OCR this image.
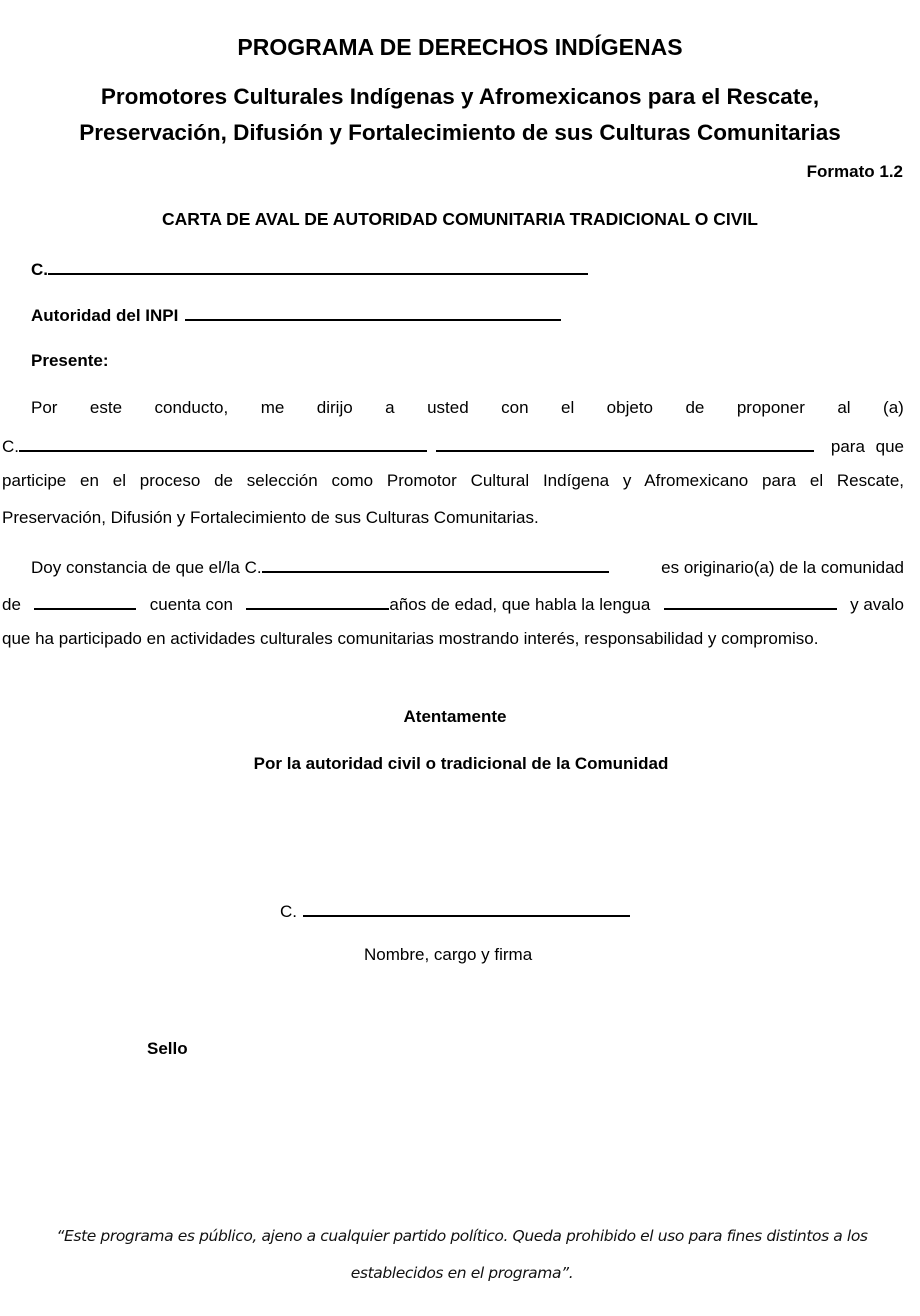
PROGRAMA DE DERECHOS INDÍGENAS
Promotores Culturales Indígenas y Afromexicanos para el Rescate,
Preservación, Difusión y Fortalecimiento de sus Culturas Comunitarias
Formato 1.2
CARTA DE AVAL DE AUTORIDAD COMUNITARIA TRADICIONAL O CIVIL
C.
Autoridad del INPI
Presente:
Por este conducto, me dirijo a usted con el objeto de proponer al (a)
C.	para que
participe en el proceso de selección como Promotor Cultural Indígena y Afromexicano para el Rescate,
Preservación, Difusión y Fortalecimiento de sus Culturas Comunitarias.
Doy constancia de que el/la C.	es originario(a) de la comunidad
de	cuenta con	años de edad, que habla la lengua	y avalo
que ha participado en actividades culturales comunitarias mostrando interés, responsabilidad y compromiso.
Atentamente
Por la autoridad civil o tradicional de la Comunidad
C.
Nombre, cargo y firma
Sello
“Este programa es público, ajeno a cualquier partido político. Queda prohibido el uso para fines distintos a los
establecidos en el programa”.
